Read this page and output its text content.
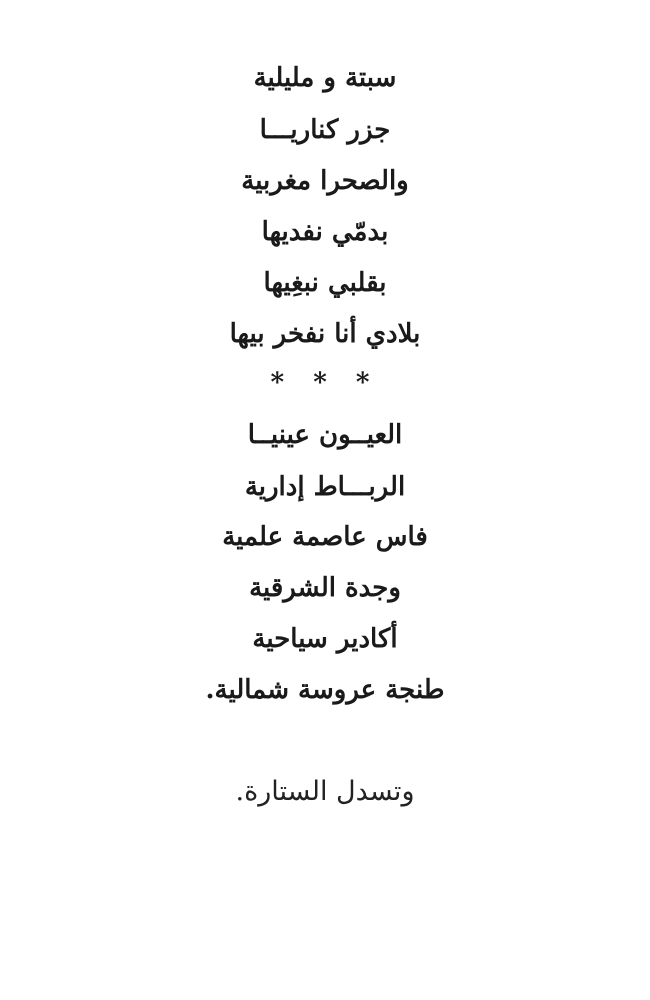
سبتة و مليلية
جزر كناريـــا
والصحرا مغربية
بدمّي نفديها
بقلبي نبغِيها
بلادي أنا نفخر بيها
* * *
العيــون عينيــا
الربـــاط إدارية
فاس عاصمة علمية
وجدة الشرقية
أكادير سياحية
طنجة عروسة شمالية.
وتسدل الستارة.
